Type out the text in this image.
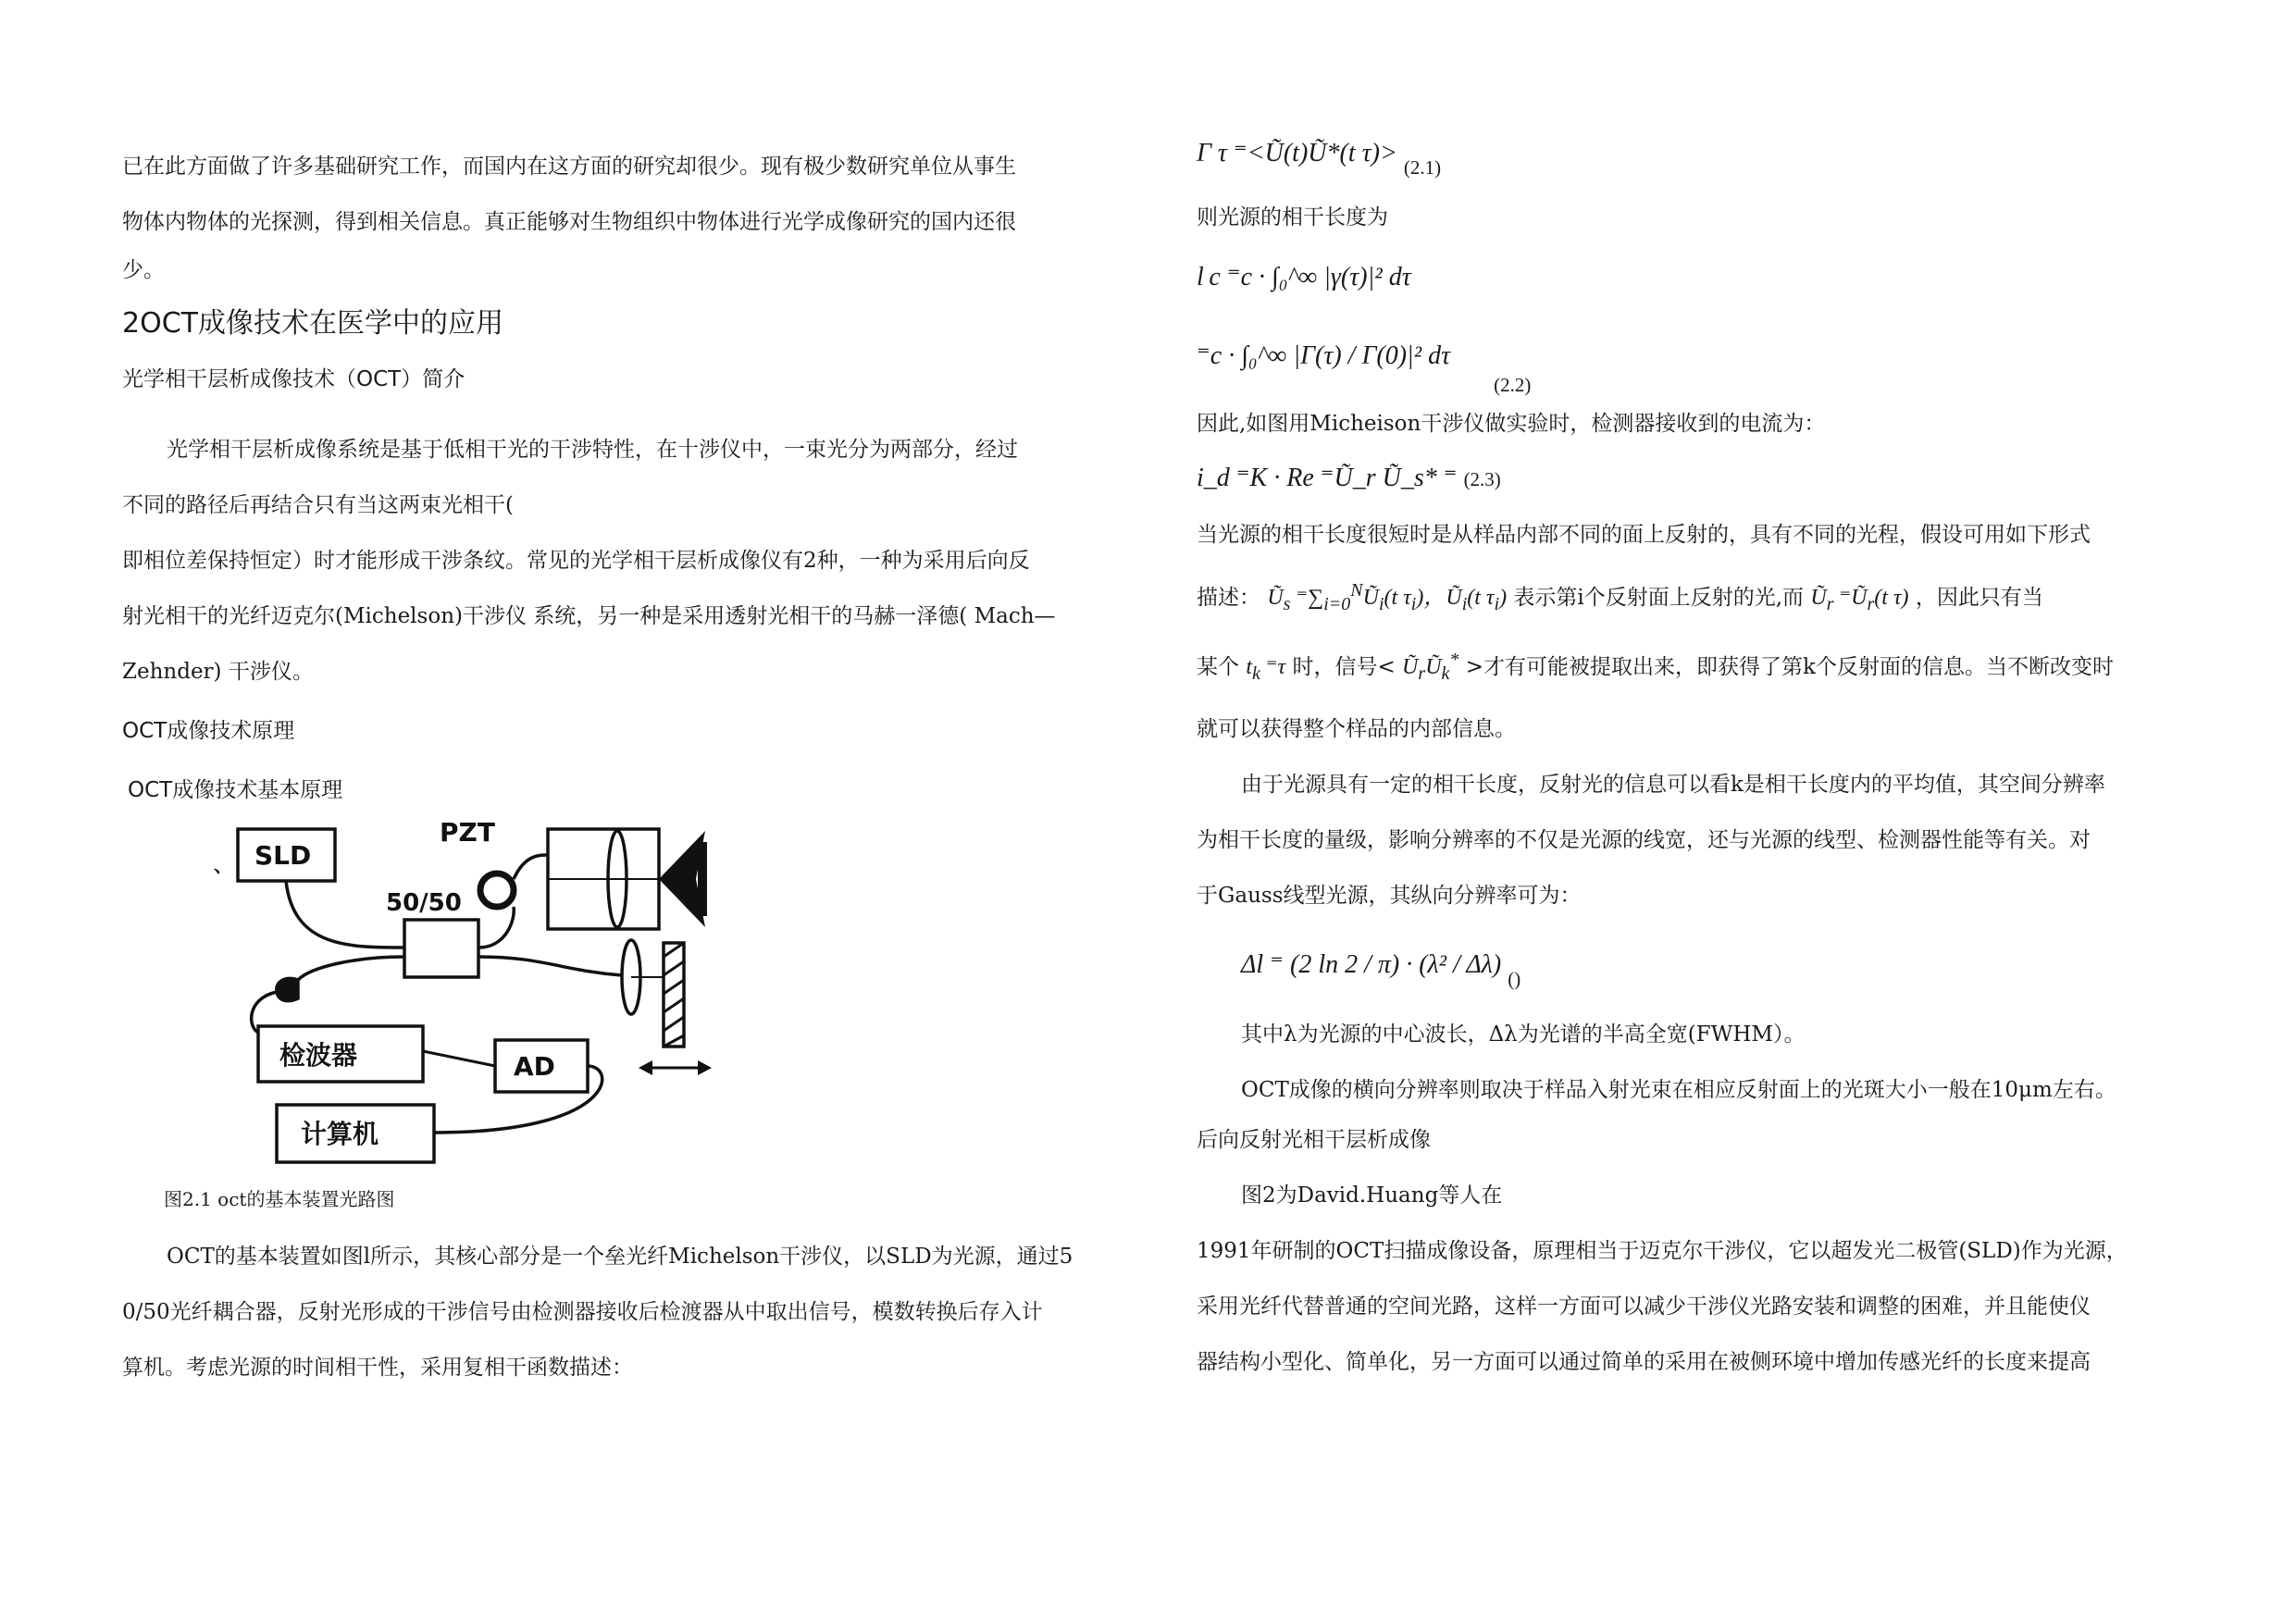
已在此方面做了许多基础研究工作，而国内在这方面的研究却很少。现有极少数研究单位从事生

物体内物体的光探测，得到相关信息。真正能够对生物组织中物体进行光学成像研究的国内还很

少。

2OCT成像技术在医学中的应用
光学相干层析成像技术（OCT）简介

光学相干层析成像系统是基于低相干光的干涉特性，在十涉仪中，一束光分为两部分，经过

不同的路径后再结合只有当这两束光相干(

即相位差保持恒定）时才能形成干涉条纹。常见的光学相干层析成像仪有2种，一种为采用后向反

射光相干的光纤迈克尔(Michelson)干涉仪 系统，另一种是采用透射光相干的马赫一泽德( Mach—

Zehnder) 干涉仪。

OCT成像技术原理
OCT成像技术基本原理
、 SLD
PZT
50/50
检波器	AD
计算机
图2.1 oct的基本装置光路图

OCT的基本装置如图l所示，其核心部分是一个垒光纤Michelson干涉仪，以SLD为光源，通过5

0/50光纤耦合器，反射光形成的干涉信号由检测器接收后检渡器从中取出信号，模数转换后存入计

算机。考虑光源的时间相干性，采用复相干函数描述：

Γ τ ⁼<Ũ(t)Ũ*(t τ)> $_{(2.1)}$

则光源的相干长度为

l c ⁼c · ∫₀^∞ |γ(τ)|² dτ
⁼c · ∫₀^∞ |Γ(τ) / Γ(0)|² dτ $_{(2.2)}$

因此,如图用Micheison干涉仪做实验时，检测器接收到的电流为：

i_d ⁼K · Re ⁼Ũ_r Ũ_s* ⁼ (2.3)

当光源的相干长度很短时是从样品内部不同的面上反射的，具有不同的光程，假设可用如下形式

描述： $Ũ_s$ $^=\sum_{i=0}^NŨ_i(t$ $\tau_i$)，$Ũ_i(t$ $\tau_i$) 表示第i个反射面上反射的光,而 $Ũ_r$ $^=Ũ_r(t$ τ) ，因此只有当

某个 $t_k$ ⁼τ 时，信号< $Ũ_rŨ_k^*$ >才有可能被提取出来，即获得了第k个反射面的信息。当不断改变时

就可以获得整个样品的内部信息。

由于光源具有一定的相干长度，反射光的信息可以看k是相干长度内的平均值，其空间分辨率

为相干长度的量级，影响分辨率的不仅是光源的线宽，还与光源的线型、检测器性能等有关。对

于Gauss线型光源，其纵向分辨率可为：

Δl ⁼ (2 ln 2 / π) · (λ² / Δλ) $_{()}$

其中λ为光源的中心波长，Δλ为光谱的半高全宽(FWHM）。

OCT成像的横向分辨率则取决于样品入射光束在相应反射面上的光斑大小一般在10μm左右。

后向反射光相干层析成像

图2为David.Huang等人在

1991年研制的OCT扫描成像设备，原理相当于迈克尔干涉仪，它以超发光二极管(SLD)作为光源，

采用光纤代替普通的空间光路，这样一方面可以减少干涉仪光路安装和调整的困难，并且能使仪

器结构小型化、简单化，另一方面可以通过简单的采用在被侧环境中增加传感光纤的长度来提高
